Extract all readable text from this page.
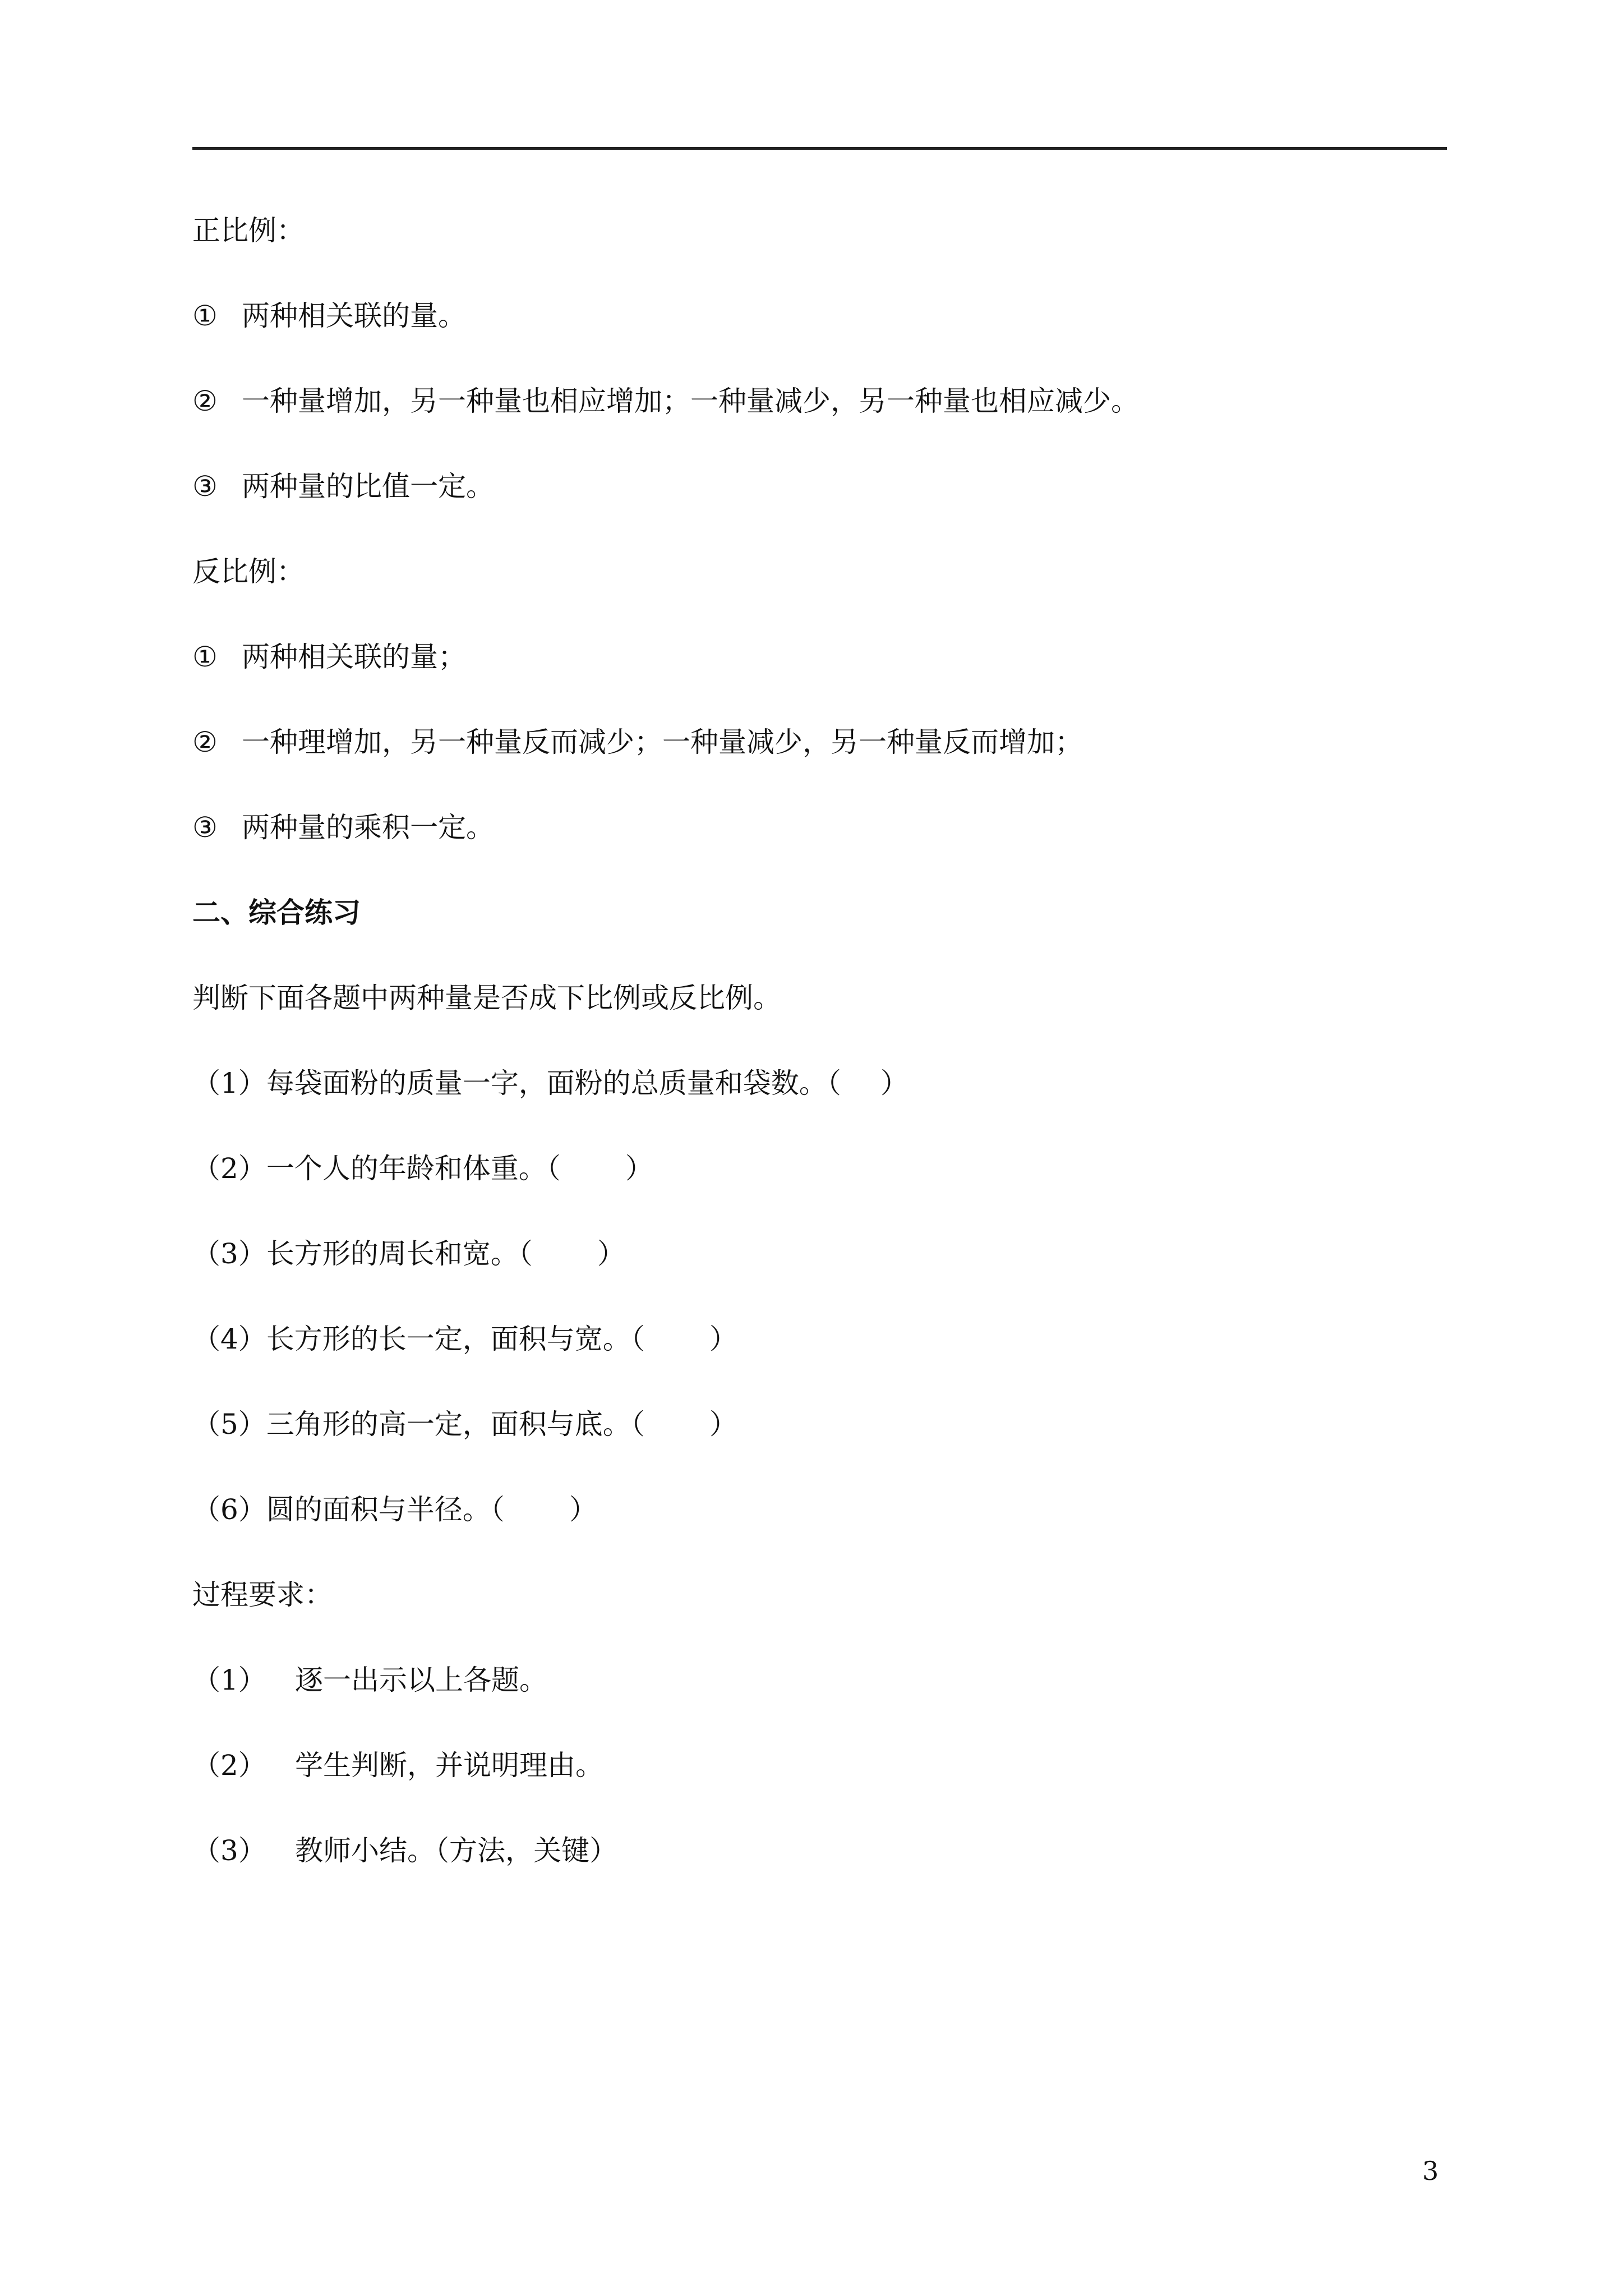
正比例：
① 两种相关联的量。
② 一种量增加，另一种量也相应增加；一种量减少，另一种量也相应减少。
③ 两种量的比值一定。
反比例：
① 两种相关联的量；
② 一种理增加，另一种量反而减少；一种量减少，另一种量反而增加；
③ 两种量的乘积一定。
二、综合练习
判断下面各题中两种量是否成下比例或反比例。
（1）每袋面粉的质量一字，面粉的总质量和袋数。（ ）
（2）一个人的年龄和体重。（ ）
（3）长方形的周长和宽。（ ）
（4）长方形的长一定，面积与宽。（ ）
（5）三角形的高一定，面积与底。（ ）
（6）圆的面积与半径。（ ）
过程要求：
（1） 逐一出示以上各题。
（2） 学生判断，并说明理由。
（3） 教师小结。（方法，关键）
3
